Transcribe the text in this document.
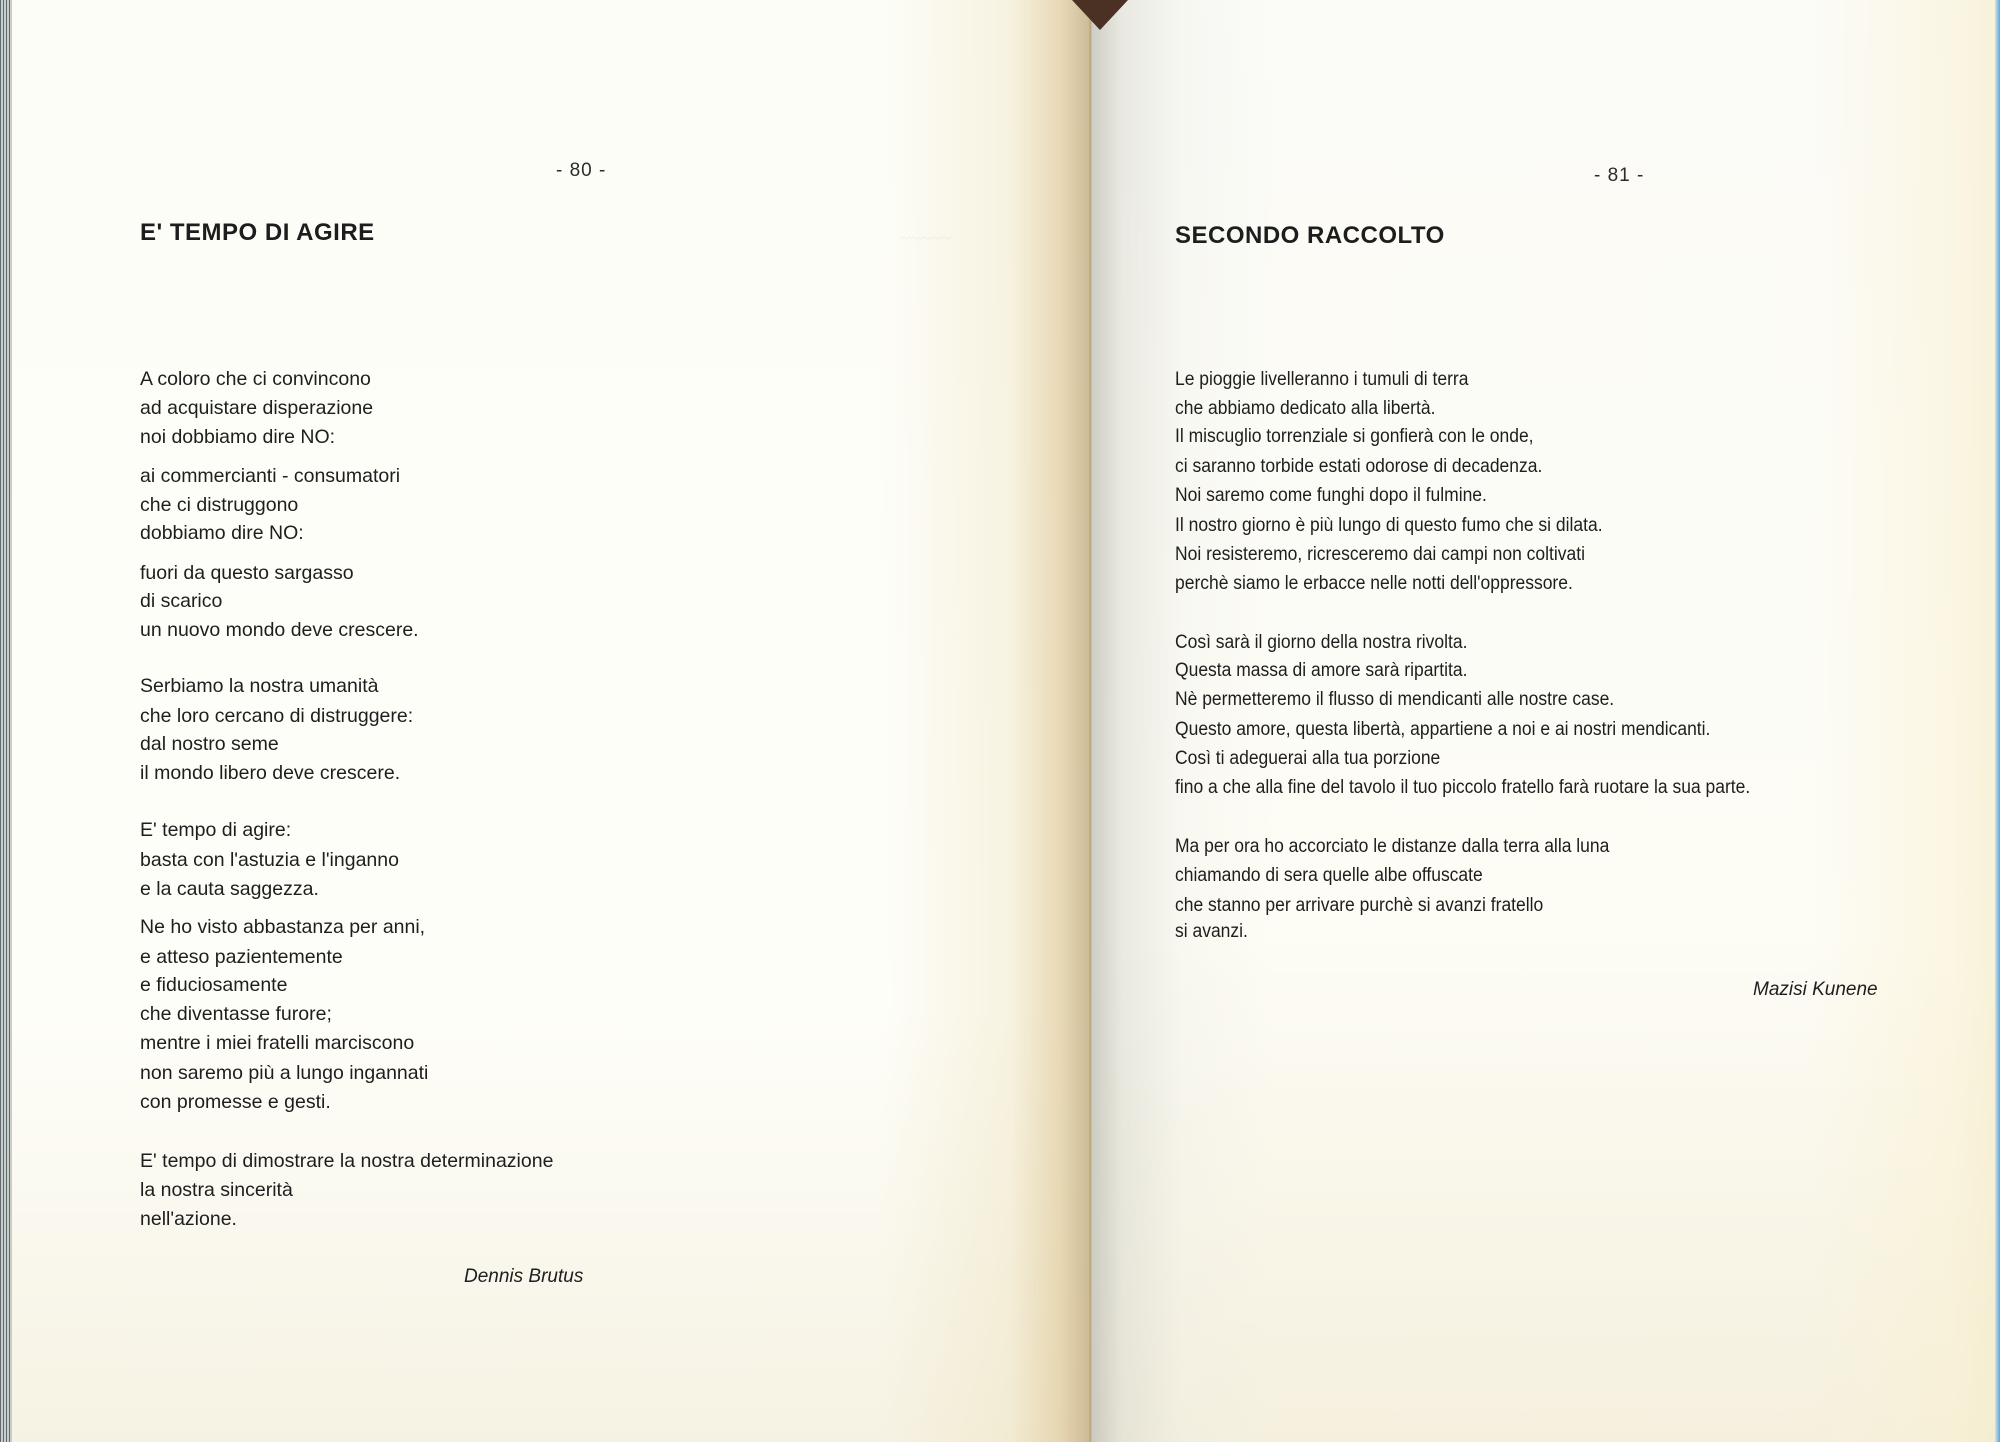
- 80 -
E' TEMPO DI AGIRE
A coloro che ci convincono
ad acquistare disperazione
noi dobbiamo dire NO:
ai commercianti - consumatori
che ci distruggono
dobbiamo dire NO:
fuori da questo sargasso
di scarico
un nuovo mondo deve crescere.
Serbiamo la nostra umanità
che loro cercano di distruggere:
dal nostro seme
il mondo libero deve crescere.
E' tempo di agire:
basta con l'astuzia e l'inganno
e la cauta saggezza.
Ne ho visto abbastanza per anni,
e atteso pazientemente
e fiduciosamente
che diventasse furore;
mentre i miei fratelli marciscono
non saremo più a lungo ingannati
con promesse e gesti.
E' tempo di dimostrare la nostra determinazione
la nostra sincerità
nell'azione.
Dennis Brutus
~~~~~
- 81 -
SECONDO RACCOLTO
Le pioggie livelleranno i tumuli di terra
che abbiamo dedicato alla libertà.
Il miscuglio torrenziale si gonfierà con le onde,
ci saranno torbide estati odorose di decadenza.
Noi saremo come funghi dopo il fulmine.
Il nostro giorno è più lungo di questo fumo che si dilata.
Noi resisteremo, ricresceremo dai campi non coltivati
perchè siamo le erbacce nelle notti dell'oppressore.
Così sarà il giorno della nostra rivolta.
Questa massa di amore sarà ripartita.
Nè permetteremo il flusso di mendicanti alle nostre case.
Questo amore, questa libertà, appartiene a noi e ai nostri mendicanti.
Così ti adeguerai alla tua porzione
fino a che alla fine del tavolo il tuo piccolo fratello farà ruotare la sua parte.
Ma per ora ho accorciato le distanze dalla terra alla luna
chiamando di sera quelle albe offuscate
che stanno per arrivare purchè si avanzi fratello
si avanzi.
Mazisi Kunene
